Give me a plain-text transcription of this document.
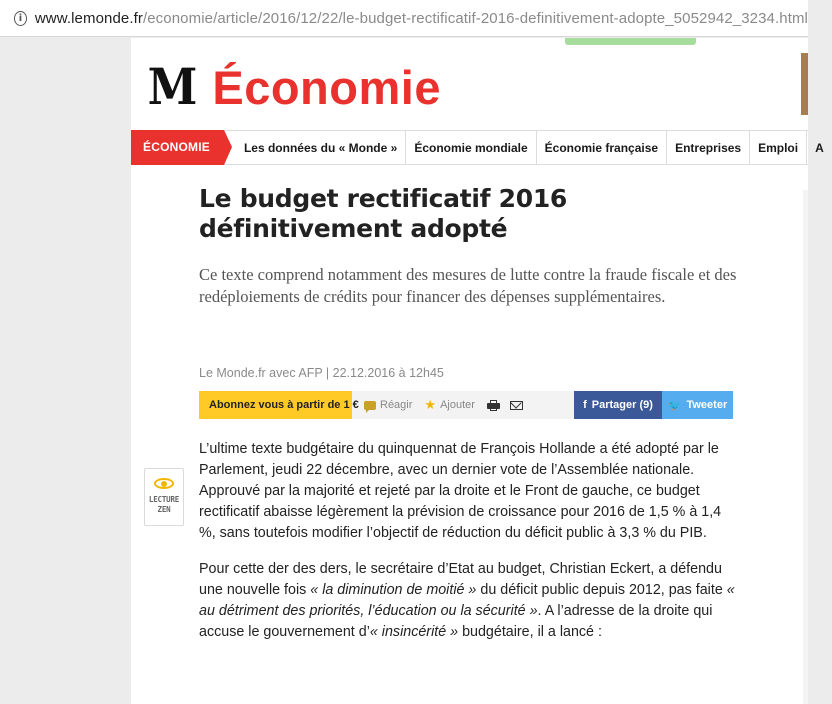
i www.lemonde.fr/economie/article/2016/12/22/le-budget-rectificatif-2016-definitivement-adopte_5052942_3234.html
M Économie
ÉCONOMIE	Les données du « Monde »	Économie mondiale	Économie française	Entreprises	Emploi	A
Le budget rectificatif 2016 définitivement adopté

Ce texte comprend notamment des mesures de lutte contre la fraude fiscale et des redéploiements de crédits pour financer des dépenses supplémentaires.

Le Monde.fr avec AFP | 22.12.2016 à 12h45
Abonnez vous à partir de 1 € Réagir ★ Ajouter	f Partager (9) 🐦 Tweeter
LECTURE
ZEN

L’ultime texte budgétaire du quinquennat de François Hollande a été adopté par le Parlement, jeudi 22 décembre, avec un dernier vote de l’Assemblée nationale. Approuvé par la majorité et rejeté par la droite et le Front de gauche, ce budget rectificatif abaisse légèrement la prévision de croissance pour 2016 de 1,5 % à 1,4 %, sans toutefois modifier l’objectif de réduction du déficit public à 3,3 % du PIB.

Pour cette der des ders, le secrétaire d’Etat au budget, Christian Eckert, a défendu une nouvelle fois « la diminution de moitié » du déficit public depuis 2012, pas faite « au détriment des priorités, l’éducation ou la sécurité ». A l’adresse de la droite qui accuse le gouvernement d’« insincérité » budgétaire, il a lancé :
